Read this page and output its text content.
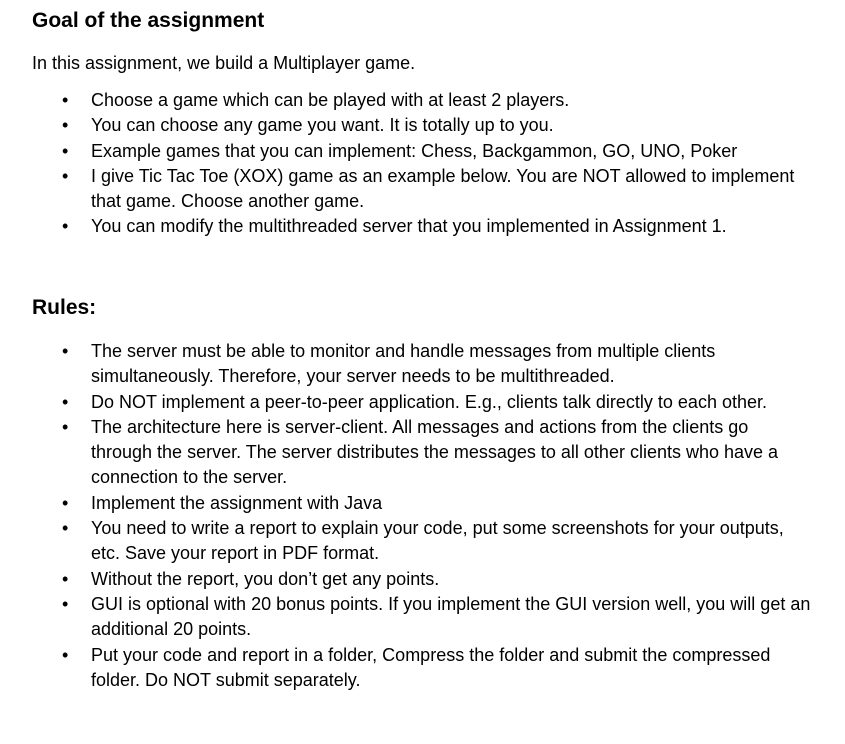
Goal of the assignment

In this assignment, we build a Multiplayer game.

• Choose a game which can be played with at least 2 players.
• You can choose any game you want. It is totally up to you.
• Example games that you can implement: Chess, Backgammon, GO, UNO, Poker
• I give Tic Tac Toe (XOX) game as an example below. You are NOT allowed to implement that game. Choose another game.
• You can modify the multithreaded server that you implemented in Assignment 1.
Rules:
• The server must be able to monitor and handle messages from multiple clients simultaneously. Therefore, your server needs to be multithreaded.
• Do NOT implement a peer-to-peer application. E.g., clients talk directly to each other.
• The architecture here is server-client. All messages and actions from the clients go through the server. The server distributes the messages to all other clients who have a connection to the server.
• Implement the assignment with Java
• You need to write a report to explain your code, put some screenshots for your outputs, etc. Save your report in PDF format.
• Without the report, you don’t get any points.
• GUI is optional with 20 bonus points. If you implement the GUI version well, you will get an additional 20 points.
• Put your code and report in a folder, Compress the folder and submit the compressed folder. Do NOT submit separately.
